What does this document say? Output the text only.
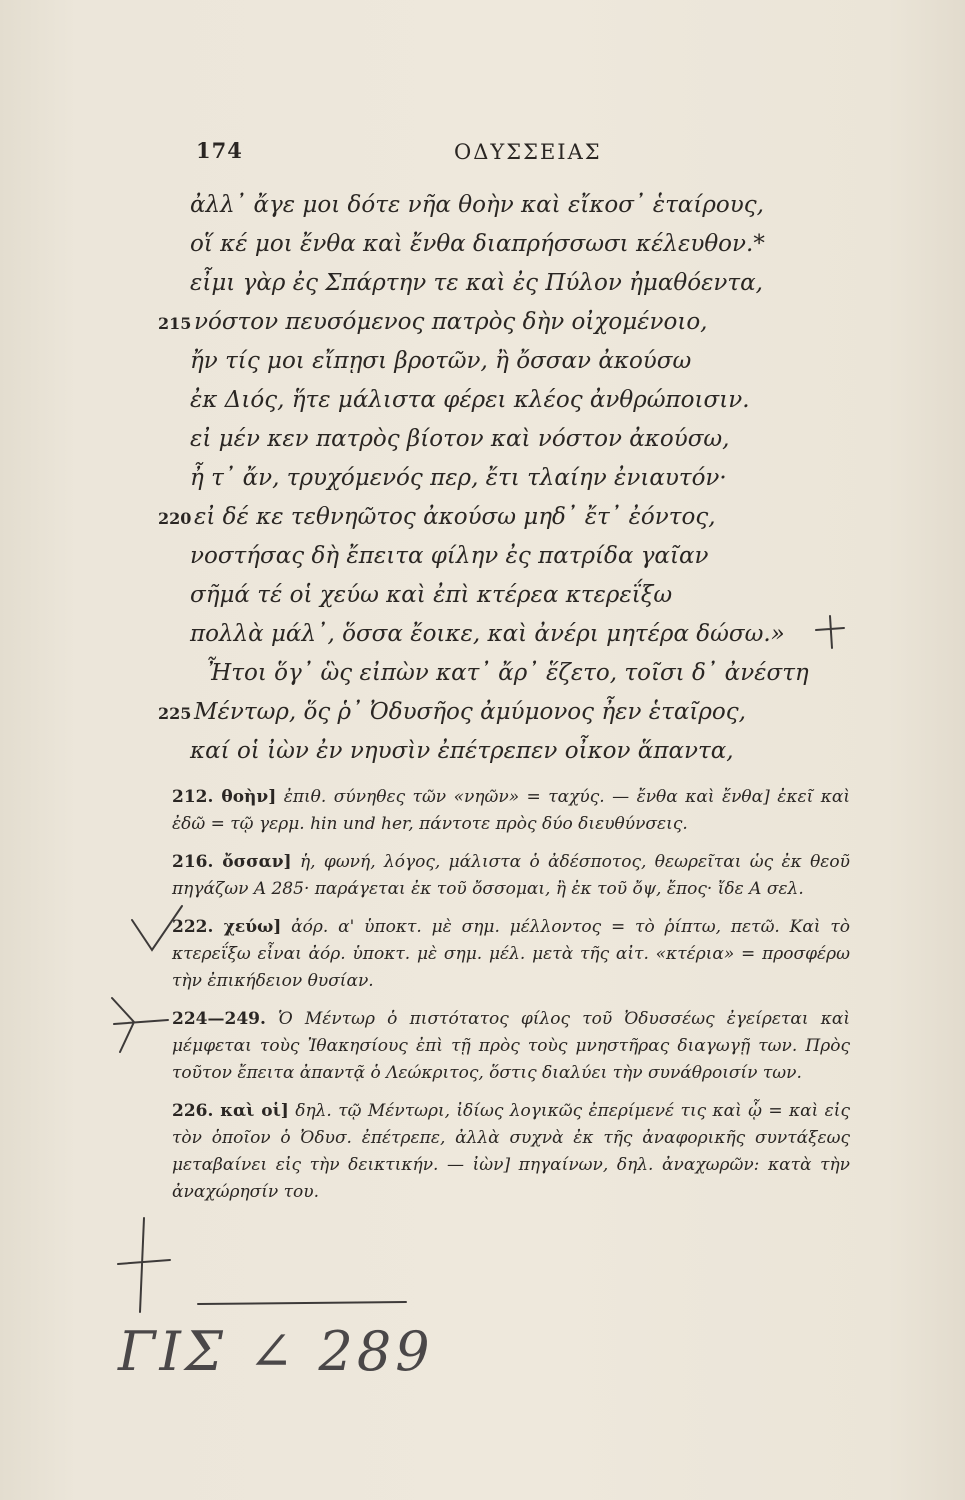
174	ΟΔΥΣΣΕΙΑΣ
ἀλλ᾽ ἄγε μοι δότε νῆα θοὴν καὶ εἴκοσ᾽ ἑταίρους,
οἵ κέ μοι ἔνθα καὶ ἔνθα διαπρήσσωσι κέλευθον.*
εἶμι γὰρ ἐς Σπάρτην τε καὶ ἐς Πύλον ἠμαθόεντα,
215 νόστον πευσόμενος πατρὸς δὴν οἰχομένοιο,
ἤν τίς μοι εἴπῃσι βροτῶν, ἢ ὄσσαν ἀκούσω
ἐκ Διός, ἥτε μάλιστα φέρει κλέος ἀνθρώποισιν.
εἰ μέν κεν πατρὸς βίοτον καὶ νόστον ἀκούσω,
ἦ τ᾽ ἄν, τρυχόμενός περ, ἔτι τλαίην ἐνιαυτόν·
220 εἰ δέ κε τεθνηῶτος ἀκούσω μηδ᾽ ἔτ᾽ ἐόντος,
νοστήσας δὴ ἔπειτα φίλην ἐς πατρίδα γαῖαν
σῆμά τέ οἱ χεύω καὶ ἐπὶ κτέρεα κτερεΐξω
πολλὰ μάλ᾽, ὅσσα ἔοικε, καὶ ἀνέρι μητέρα δώσω.»
Ἦτοι ὅγ᾽ ὣς εἰπὼν κατ᾽ ἄρ᾽ ἕζετο, τοῖσι δ᾽ ἀνέστη
225 Μέντωρ, ὅς ῥ᾽ Ὀδυσῆος ἀμύμονος ἦεν ἑταῖρος,
καί οἱ ἰὼν ἐν νηυσὶν ἐπέτρεπεν οἶκον ἅπαντα,
212. θοὴν] ἐπιθ. σύνηθες τῶν «νηῶν» = ταχύς. — ἔνθα καὶ ἔνθα] ἐκεῖ καὶ ἐδῶ = τῷ γερμ. hin und her, πάντοτε πρὸς δύο διευθύνσεις.
216. ὄσσαν] ἡ, φωνή, λόγος, μάλιστα ὁ ἀδέσποτος, θεωρεῖται ὡς ἐκ θεοῦ πηγάζων Α 285· παράγεται ἐκ τοῦ ὄσσομαι, ἢ ἐκ τοῦ ὄψ, ἔπος· ἴδε Α σελ.
222. χεύω] ἀόρ. α' ὑποκτ. μὲ σημ. μέλλοντος = τὸ ῥίπτω, πετῶ. Καὶ τὸ κτερεΐξω εἶναι ἀόρ. ὑποκτ. μὲ σημ. μέλ. μετὰ τῆς αἰτ. «κτέρια» = προσφέρω τὴν ἐπικήδειον θυσίαν.
224—249. Ὁ Μέντωρ ὁ πιστότατος φίλος τοῦ Ὀδυσσέως ἐγείρεται καὶ μέμφεται τοὺς Ἰθακησίους ἐπὶ τῇ πρὸς τοὺς μνηστῆρας διαγωγῇ των. Πρὸς τοῦτον ἔπειτα ἀπαντᾷ ὁ Λεώκριτος, ὅστις διαλύει τὴν συνάθροισίν των.
226. καὶ οἱ] δηλ. τῷ Μέντωρι, ἰδίως λογικῶς ἐπερίμενέ τις καὶ ᾧ = καὶ εἰς τὸν ὁποῖον ὁ Ὀδυσ. ἐπέτρεπε, ἀλλὰ συχνὰ ἐκ τῆς ἀναφορικῆς συντάξεως μεταβαίνει εἰς τὴν δεικτικήν. — ἰὼν] πηγαίνων, δηλ. ἀναχωρῶν: κατὰ τὴν ἀναχώρησίν του.
ΓΙΣ ∠ 289
